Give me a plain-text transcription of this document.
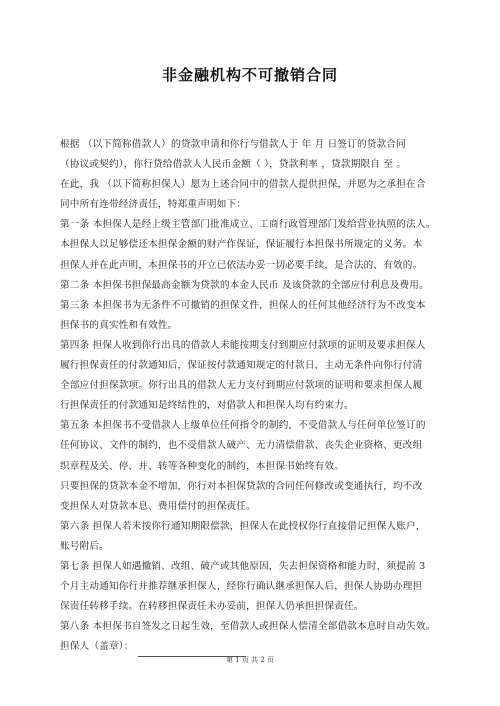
非金融机构不可撤销合同
根据 （以下简称借款人）的贷款申请和你行与借款人于 年 月 日签订的贷款合同
（协议或契约），你行贷给借款人人民币金额（ ），贷款利率 ，贷款期限自 至 。
在此，我 （以下简称担保人）愿为上述合同中的借款人提供担保，并愿为之承担在合
同中所有连带经济责任，特郑重声明如下：
第一条 本担保人是经上级主管部门批准成立、工商行政管理部门发给营业执照的法人。
本担保人以足够偿还本担保金额的财产作保证，保证履行本担保书所规定的义务。本
担保人并在此声明，本担保书的开立已依法办妥一切必要手续，是合法的、有效的。
第二条 本担保书担保最高金额为贷款的本金人民币 及该贷款的全部应付利息及费用。
第三条 本担保书为无条件不可撤销的担保文件，担保人的任何其他经济行为不改变本
担保书的真实性和有效性。
第四条 担保人收到你行出具的借款人未能按期支付到期应付款项的证明及要求担保人
履行担保责任的付款通知后，保证按付款通知规定的付款日，主动无条件向你行付清
全部应付担保款项。你行出具的借款人无力支付到期应付款项的证明和要求担保人履
行担保责任的付款通知是终结性的，对借款人和担保人均有约束力。
第五条 本担保书不受借款人上级单位任何指令的制约，不受借款人与任何单位签订的
任何协议、文件的制约，也不受借款人破产、无力清偿借款、丧失企业资格、更改组
织章程及关、停、并、转等各种变化的制约，本担保书始终有效。
只要担保的贷款本金不增加，你行对本担保贷款的合同任何修改或变通执行，均不改
变担保人对贷款本息、费用偿付的担保责任。
第六条 担保人若未按你行通知期限偿款，担保人在此授权你行直接借记担保人账户，
账号附后。
第七条 担保人如遇撤销、改组、破产或其他原因，失去担保资格和能力时，须提前 3
个月主动通知你行并推荐继承担保人，经你行确认继承担保人后，担保人协助办理担
保责任转移手续。在转移担保责任未办妥前，担保人仍承担担保责任。
第八条 本担保书自签发之日起生效，至借款人或担保人偿清全部借款本息时自动失效。
担保人（盖章）：
第 1 页 共 2 页
